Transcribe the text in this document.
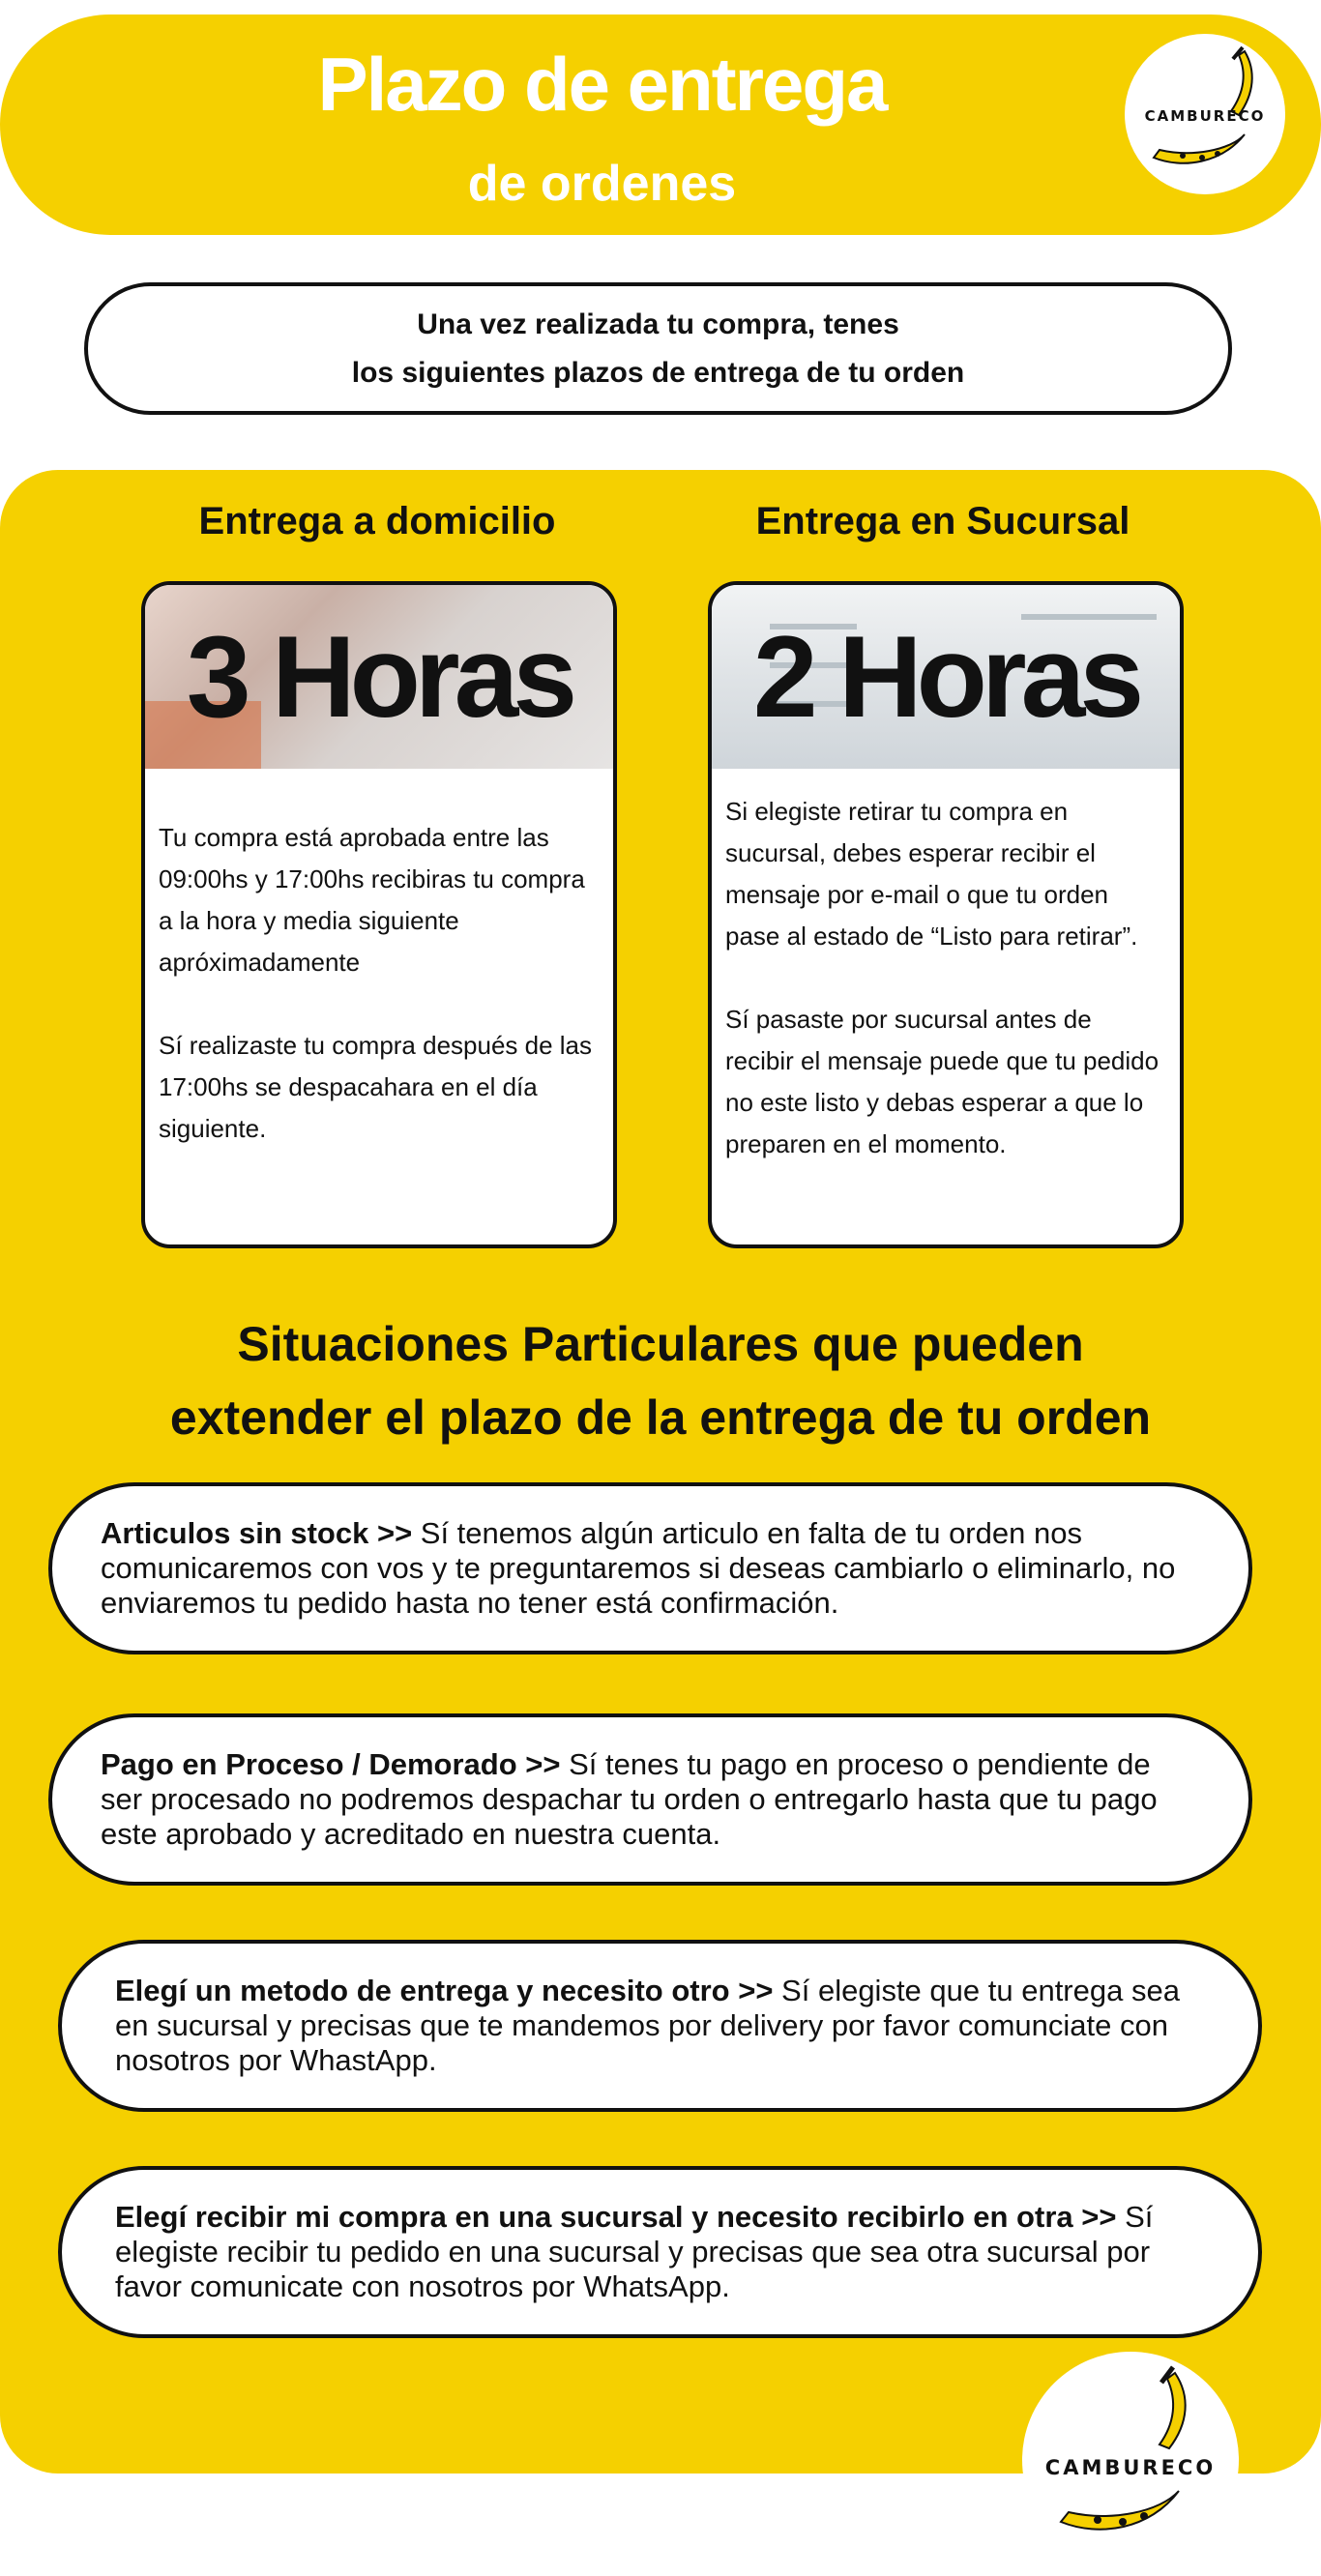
Plazo de entrega
de ordenes
CAMBURECO
Una vez realizada tu compra, tenes
los siguientes plazos de entrega de tu orden
Entrega a domicilio	Entrega en Sucursal
3 Horas

Tu compra está aprobada entre las 09:00hs y 17:00hs recibiras tu compra a la hora y media siguiente apróximadamente

Sí realizaste tu compra después de las 17:00hs se despacahara en el día siguiente.

2 Horas

Si elegiste retirar tu compra en sucursal, debes esperar recibir el mensaje por e-mail o que tu orden pase al estado de “Listo para retirar”.

Sí pasaste por sucursal antes de recibir el mensaje puede que tu pedido no este listo y debas esperar a que lo preparen en el momento.

Situaciones Particulares que pueden
extender el plazo de la entrega de tu orden
Articulos sin stock >> Sí tenemos algún articulo en falta de tu orden nos comunicaremos con vos y te preguntaremos si deseas cambiarlo o eliminarlo, no enviaremos tu pedido hasta no tener está confirmación.
Pago en Proceso / Demorado >> Sí tenes tu pago en proceso o pendiente de ser procesado no podremos despachar tu orden o entregarlo hasta que tu pago este aprobado y acreditado en nuestra cuenta.
Elegí un metodo de entrega y necesito otro >> Sí elegiste que tu entrega sea en sucursal y precisas que te mandemos por delivery por favor comunciate con nosotros por WhastApp.
Elegí recibir mi compra en una sucursal y necesito recibirlo en otra >> Sí elegiste recibir tu pedido en una sucursal y precisas que sea otra sucursal por favor comunicate con nosotros por WhatsApp.
CAMBURECO
